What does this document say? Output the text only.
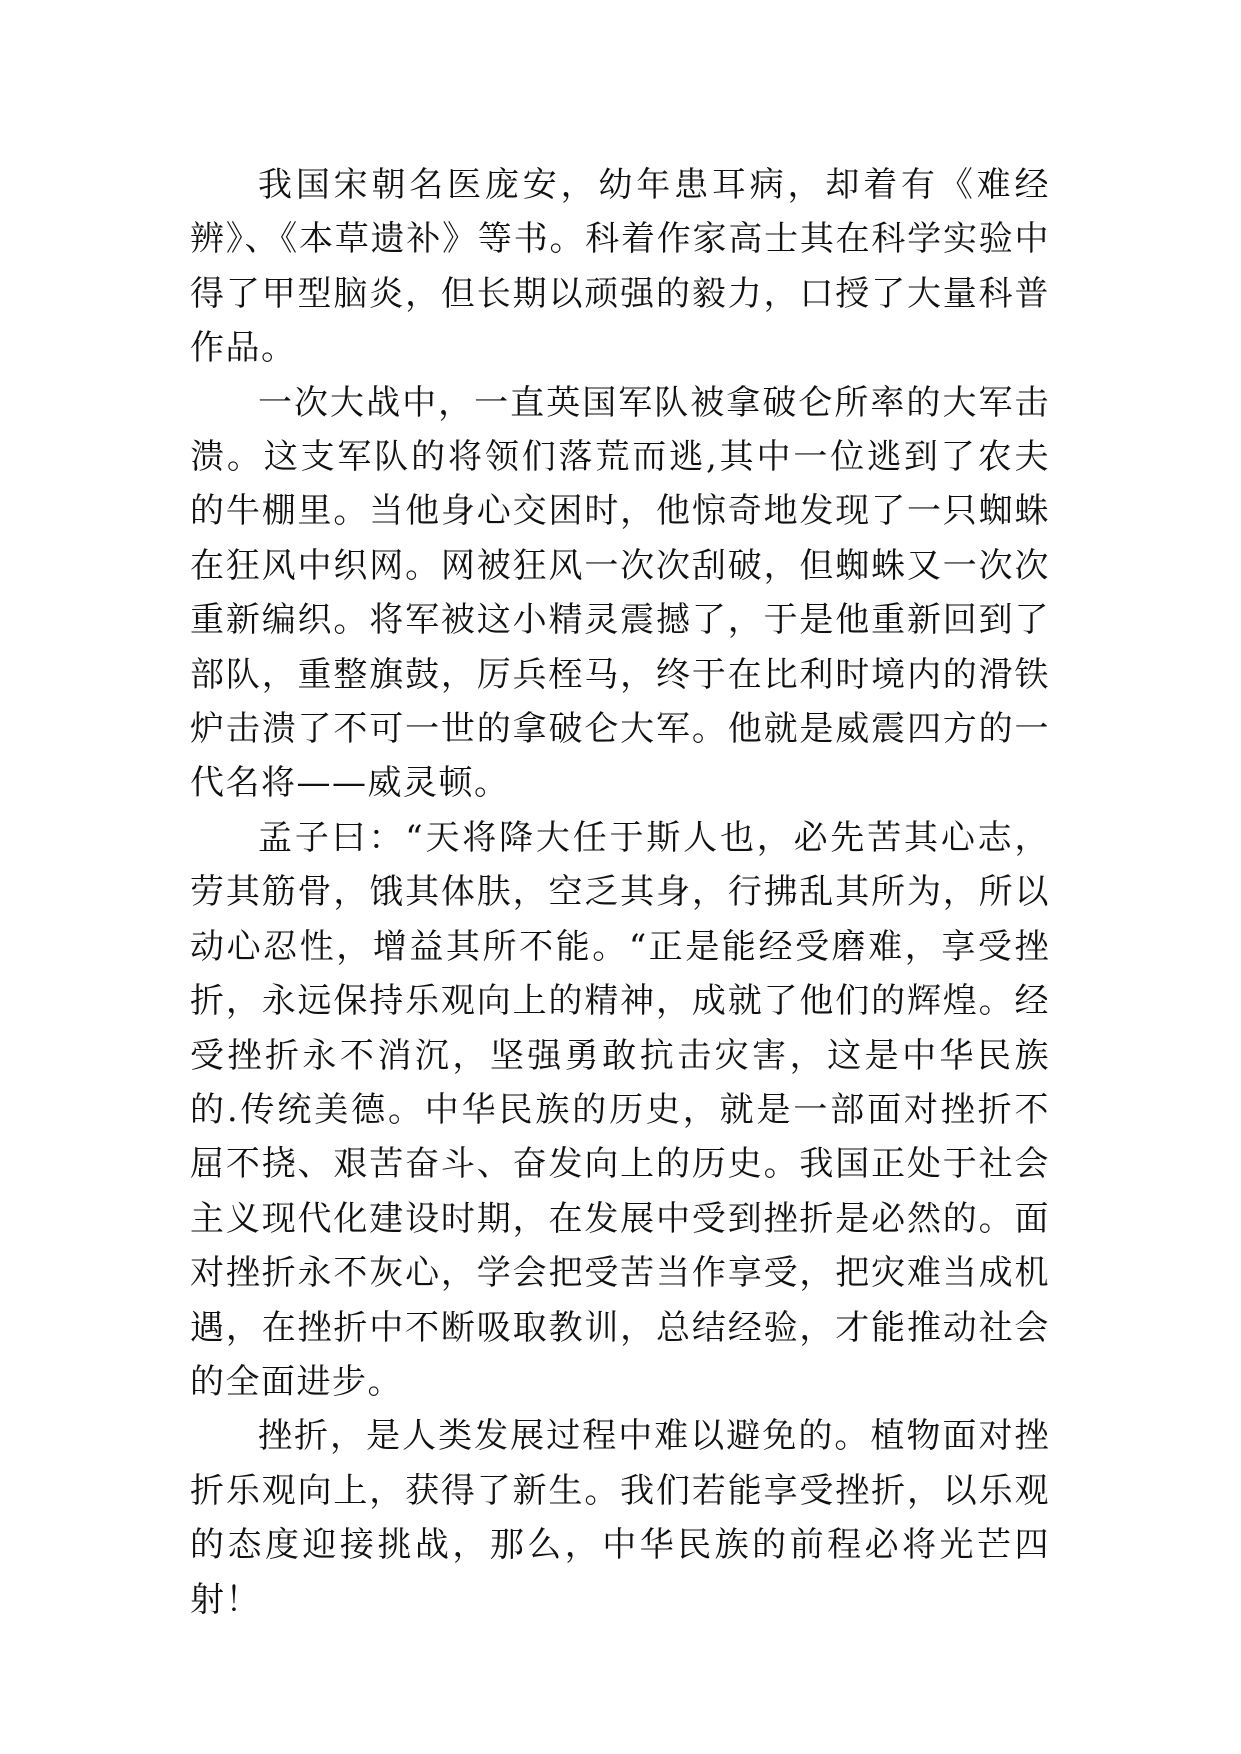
我国宋朝名医庞安，幼年患耳病，却着有《难经辨》、《本草遗补》等书。科着作家高士其在科学实验中得了甲型脑炎，但长期以顽强的毅力，口授了大量科普作品。

一次大战中，一直英国军队被拿破仑所率的大军击溃。这支军队的将领们落荒而逃,其中一位逃到了农夫的牛棚里。当他身心交困时，他惊奇地发现了一只蜘蛛在狂风中织网。网被狂风一次次刮破，但蜘蛛又一次次重新编织。将军被这小精灵震撼了，于是他重新回到了部队，重整旗鼓，厉兵桎马，终于在比利时境内的滑铁炉击溃了不可一世的拿破仑大军。他就是威震四方的一代名将——威灵顿。

孟子曰：“天将降大任于斯人也，必先苦其心志，劳其筋骨，饿其体肤，空乏其身，行拂乱其所为，所以动心忍性，增益其所不能。“正是能经受磨难，享受挫折，永远保持乐观向上的精神，成就了他们的辉煌。经受挫折永不消沉，坚强勇敢抗击灾害，这是中华民族的.传统美德。中华民族的历史，就是一部面对挫折不屈不挠、艰苦奋斗、奋发向上的历史。我国正处于社会主义现代化建设时期，在发展中受到挫折是必然的。面对挫折永不灰心，学会把受苦当作享受，把灾难当成机遇，在挫折中不断吸取教训，总结经验，才能推动社会的全面进步。

挫折，是人类发展过程中难以避免的。植物面对挫折乐观向上，获得了新生。我们若能享受挫折，以乐观的态度迎接挑战，那么，中华民族的前程必将光芒四射！
